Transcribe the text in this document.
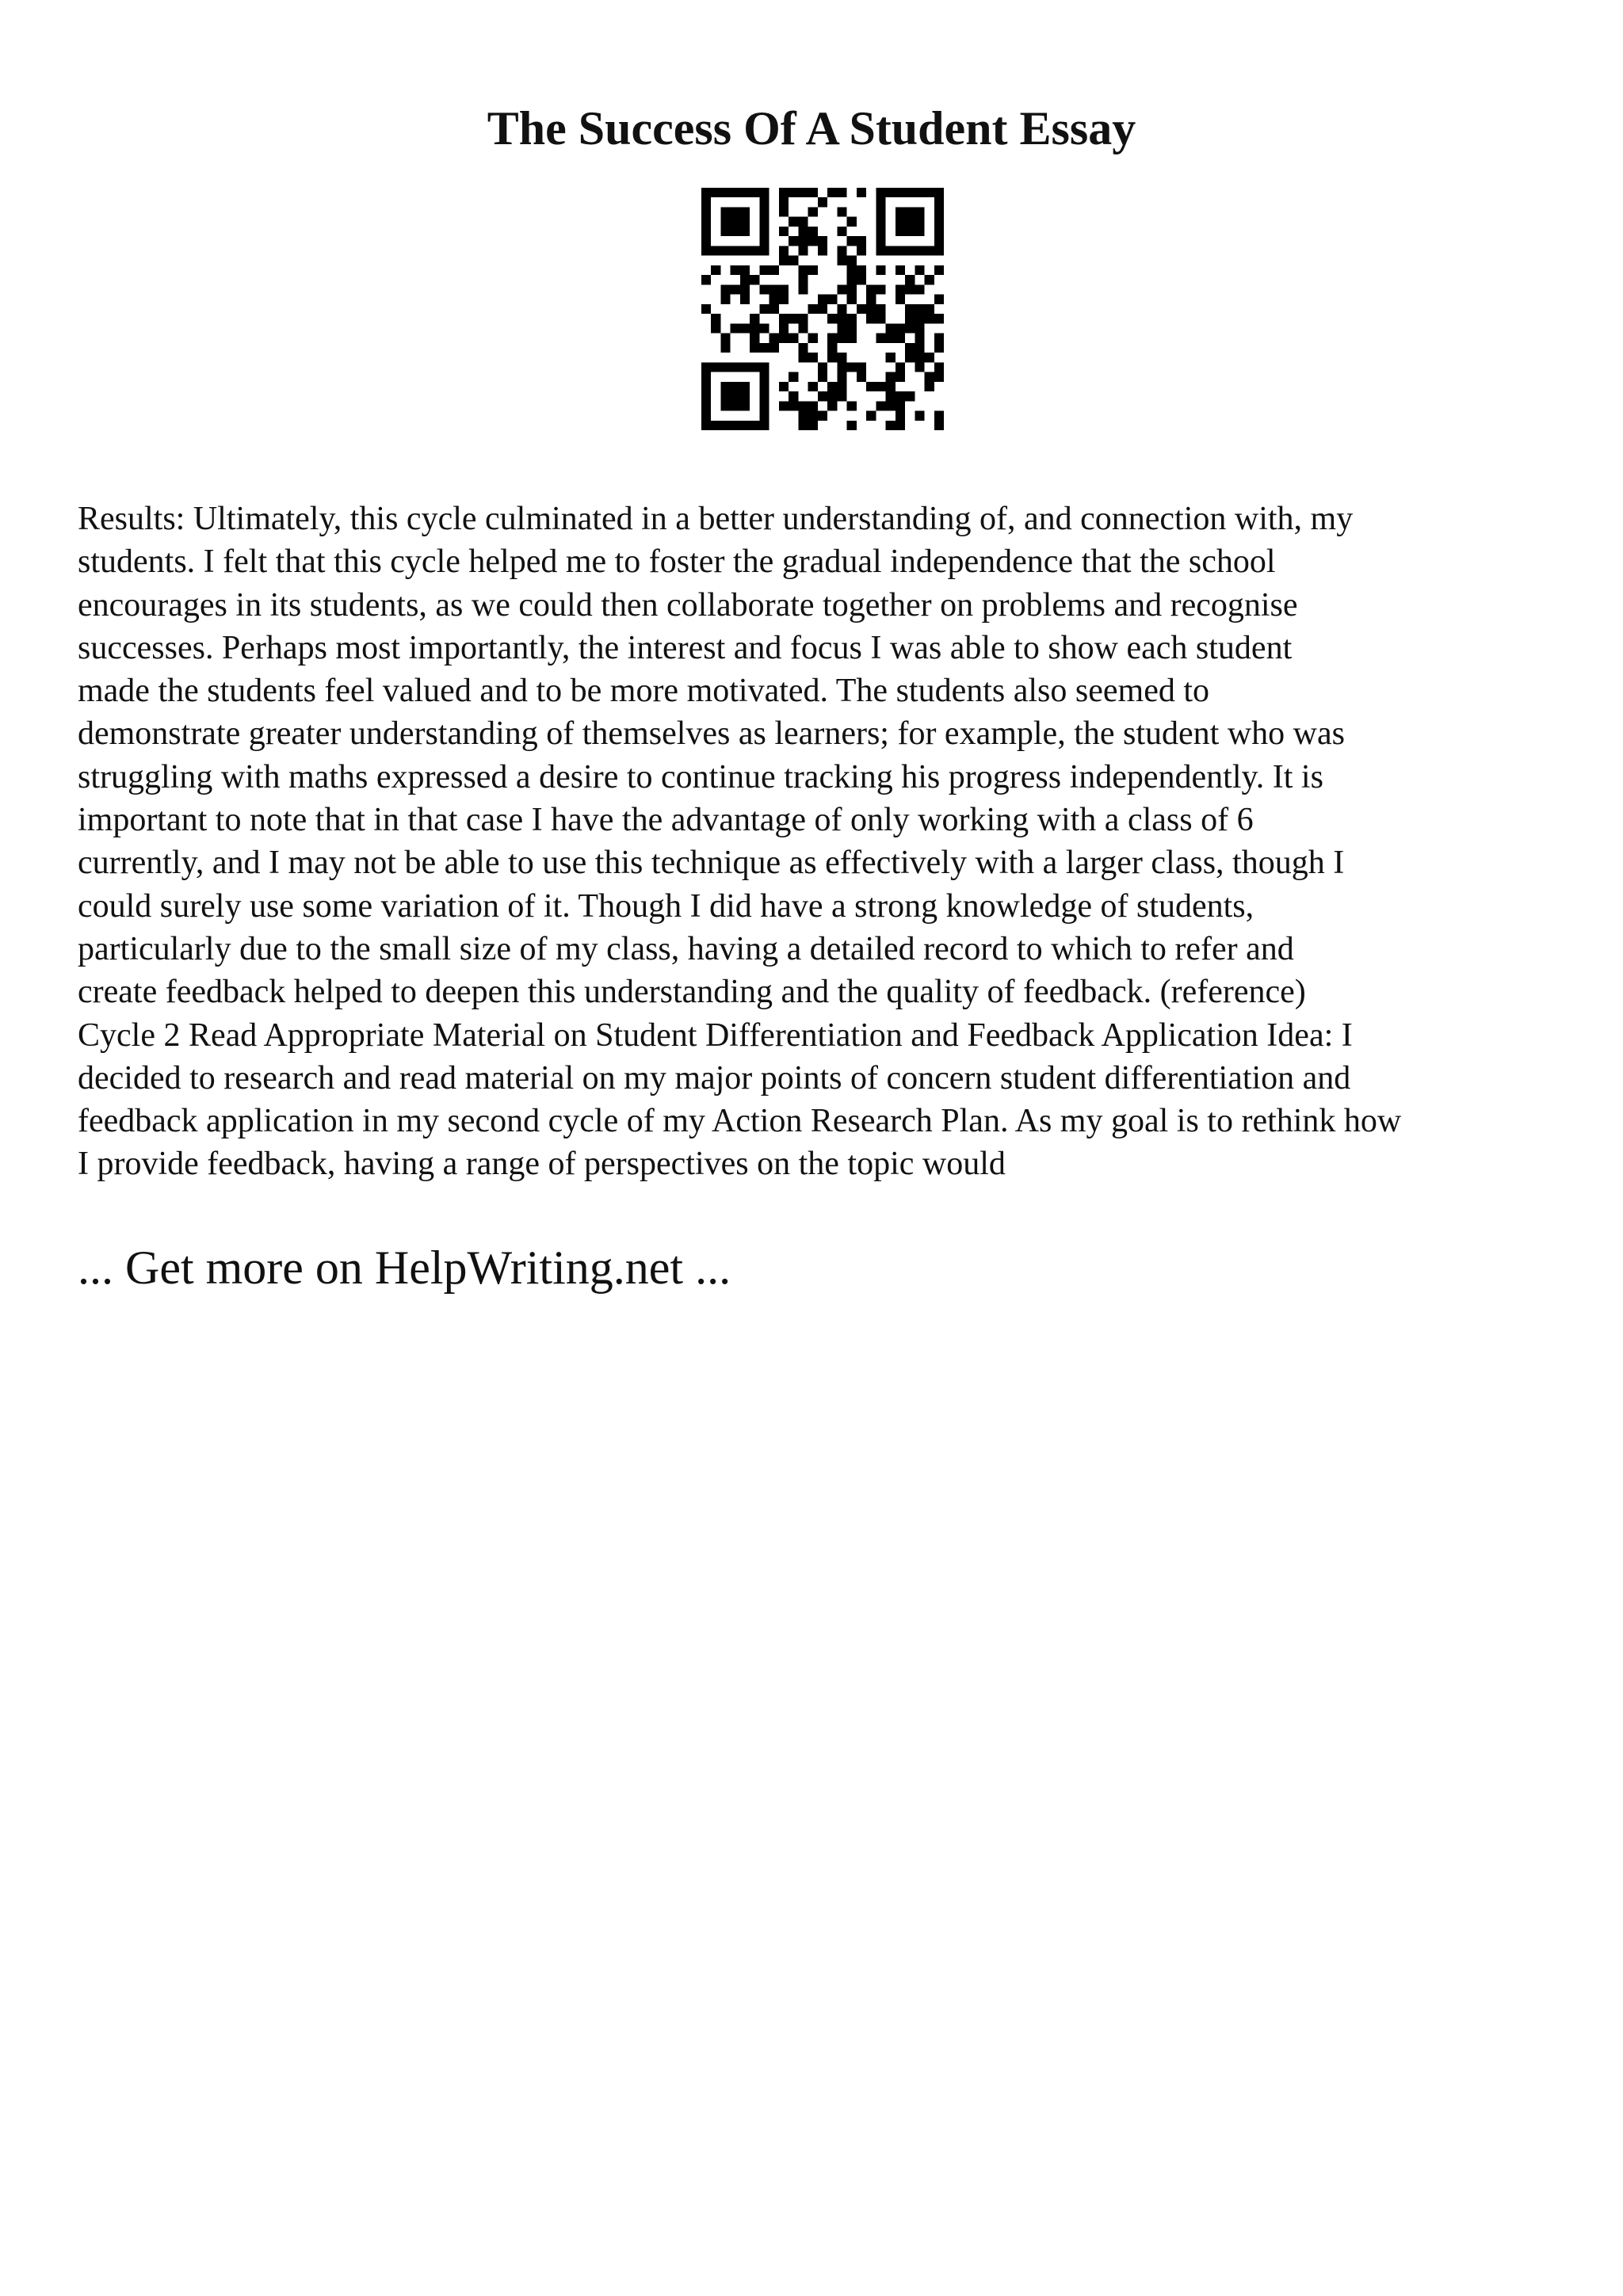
The Success Of A Student Essay
Results: Ultimately, this cycle culminated in a better understanding of, and connection with, my
students. I felt that this cycle helped me to foster the gradual independence that the school
encourages in its students, as we could then collaborate together on problems and recognise
successes. Perhaps most importantly, the interest and focus I was able to show each student
made the students feel valued and to be more motivated. The students also seemed to
demonstrate greater understanding of themselves as learners; for example, the student who was
struggling with maths expressed a desire to continue tracking his progress independently. It is
important to note that in that case I have the advantage of only working with a class of 6
currently, and I may not be able to use this technique as effectively with a larger class, though I
could surely use some variation of it. Though I did have a strong knowledge of students,
particularly due to the small size of my class, having a detailed record to which to refer and
create feedback helped to deepen this understanding and the quality of feedback. (reference)
Cycle 2 Read Appropriate Material on Student Differentiation and Feedback Application Idea: I
decided to research and read material on my major points of concern student differentiation and
feedback application in my second cycle of my Action Research Plan. As my goal is to rethink how
I provide feedback, having a range of perspectives on the topic would
... Get more on HelpWriting.net ...
